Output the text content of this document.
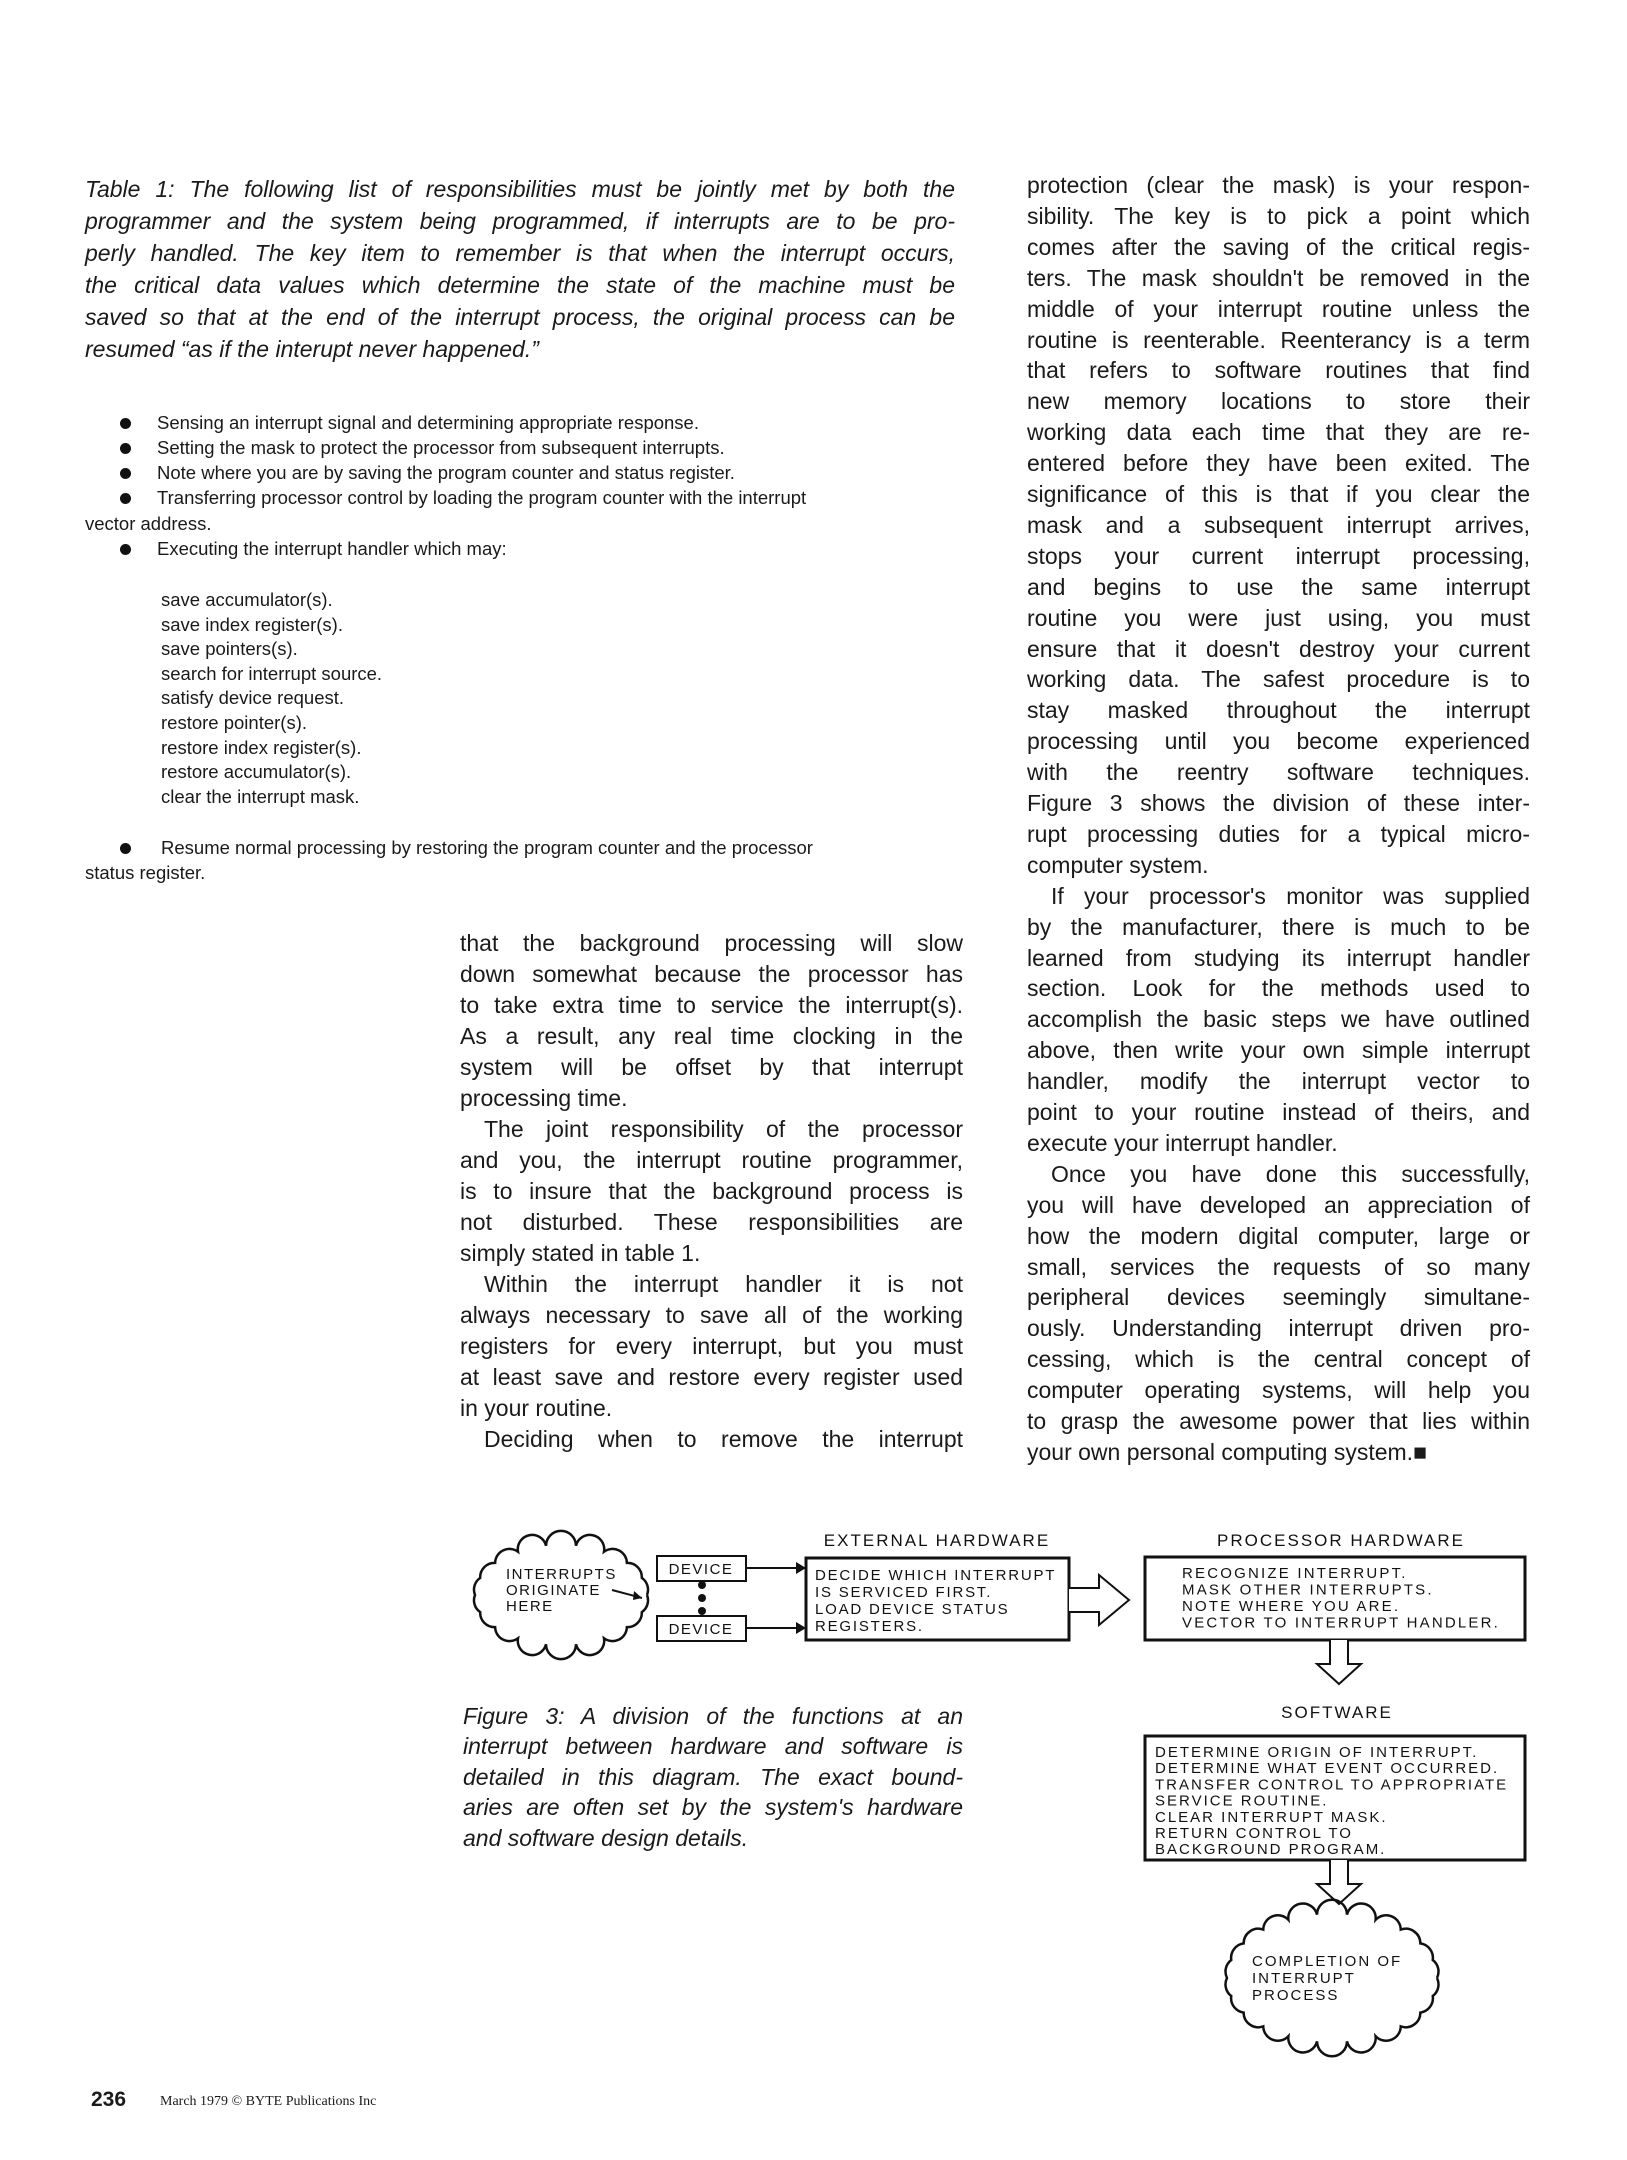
Table 1: The following list of responsibilities must be jointly met by both the
programmer and the system being programmed, if interrupts are to be pro-
perly handled. The key item to remember is that when the interrupt occurs,
the critical data values which determine the state of the machine must be
saved so that at the end of the interrupt process, the original process can be
resumed “as if the interupt never happened.”
Sensing an interrupt signal and determining appropriate response.
Setting the mask to protect the processor from subsequent interrupts.
Note where you are by saving the program counter and status register.
Transferring processor control by loading the program counter with the interrupt
Executing the interrupt handler which may:
vector address.
save accumulator(s).
save index register(s).
save pointers(s).
search for interrupt source.
satisfy device request.
restore pointer(s).
restore index register(s).
restore accumulator(s).
clear the interrupt mask.
Resume normal processing by restoring the program counter and the processor
status register.
that the background processing will slow
down somewhat because the processor has
to take extra time to service the interrupt(s).
As a result, any real time clocking in the
system will be offset by that interrupt
processing time.
The joint responsibility of the processor
and you, the interrupt routine programmer,
is to insure that the background process is
not disturbed. These responsibilities are
simply stated in table 1.
Within the interrupt handler it is not
always necessary to save all of the working
registers for every interrupt, but you must
at least save and restore every register used
in your routine.
Deciding when to remove the interrupt
protection (clear the mask) is your respon-
sibility. The key is to pick a point which
comes after the saving of the critical regis-
ters. The mask shouldn't be removed in the
middle of your interrupt routine unless the
routine is reenterable. Reenterancy is a term
that refers to software routines that find
new memory locations to store their
working data each time that they are re-
entered before they have been exited. The
significance of this is that if you clear the
mask and a subsequent interrupt arrives,
stops your current interrupt processing,
and begins to use the same interrupt
routine you were just using, you must
ensure that it doesn't destroy your current
working data. The safest procedure is to
stay masked throughout the interrupt
processing until you become experienced
with the reentry software techniques.
Figure 3 shows the division of these inter-
rupt processing duties for a typical micro-
computer system.
If your processor's monitor was supplied
by the manufacturer, there is much to be
learned from studying its interrupt handler
section. Look for the methods used to
accomplish the basic steps we have outlined
above, then write your own simple interrupt
handler, modify the interrupt vector to
point to your routine instead of theirs, and
execute your interrupt handler.
Once you have done this successfully,
you will have developed an appreciation of
how the modern digital computer, large or
small, services the requests of so many
peripheral devices seemingly simultane-
ously. Understanding interrupt driven pro-
cessing, which is the central concept of
computer operating systems, will help you
to grasp the awesome power that lies within
your own personal computing system.■
Figure 3: A division of the functions at an
interrupt between hardware and software is
detailed in this diagram. The exact bound-
aries are often set by the system's hardware
and software design details.
INTERRUPTS
ORIGINATE
HERE
DEVICE
DEVICE
EXTERNAL HARDWARE
DECIDE WHICH INTERRUPT
IS SERVICED FIRST.
LOAD DEVICE STATUS
REGISTERS.
PROCESSOR HARDWARE
RECOGNIZE INTERRUPT.
MASK OTHER INTERRUPTS.
NOTE WHERE YOU ARE.
VECTOR TO INTERRUPT HANDLER.
SOFTWARE
DETERMINE ORIGIN OF INTERRUPT.
DETERMINE WHAT EVENT OCCURRED.
TRANSFER CONTROL TO APPROPRIATE
SERVICE ROUTINE.
CLEAR INTERRUPT MASK.
RETURN CONTROL TO
BACKGROUND PROGRAM.
COMPLETION OF
INTERRUPT
PROCESS
236 March 1979 © BYTE Publications Inc
